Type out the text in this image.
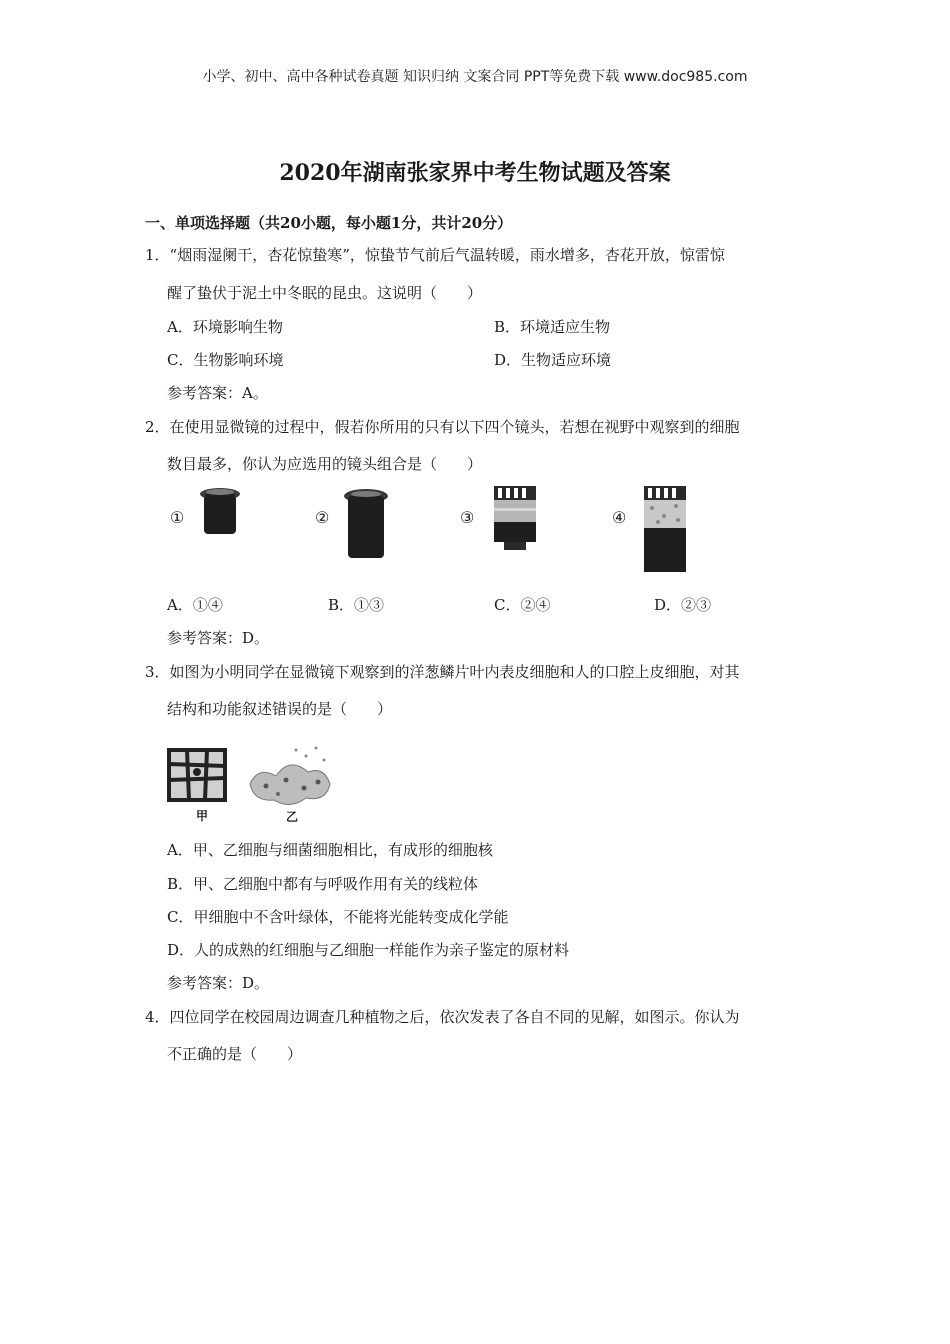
小学、初中、高中各种试卷真题 知识归纳 文案合同 PPT等免费下载 www.doc985.com
2020年湖南张家界中考生物试题及答案
一、单项选择题（共20小题，每小题1分，共计20分）
1．“烟雨湿阑干，杏花惊蛰寒”，惊蛰节气前后气温转暖，雨水增多，杏花开放，惊雷惊
醒了蛰伏于泥土中冬眠的昆虫。这说明（　　）
A．环境影响生物	B．环境适应生物
C．生物影响环境	D．生物适应环境
参考答案：A。
2．在使用显微镜的过程中，假若你所用的只有以下四个镜头，若想在视野中观察到的细胞
数目最多，你认为应选用的镜头组合是（　　）
①	②	③	④
A．①④	B．①③	C．②④	D．②③
参考答案：D。
3．如图为小明同学在显微镜下观察到的洋葱鳞片叶内表皮细胞和人的口腔上皮细胞，对其
结构和功能叙述错误的是（　　）
甲	乙
A．甲、乙细胞与细菌细胞相比，有成形的细胞核
B．甲、乙细胞中都有与呼吸作用有关的线粒体
C．甲细胞中不含叶绿体，不能将光能转变成化学能
D．人的成熟的红细胞与乙细胞一样能作为亲子鉴定的原材料
参考答案：D。
4．四位同学在校园周边调查几种植物之后，依次发表了各自不同的见解，如图示。你认为
不正确的是（　　）
